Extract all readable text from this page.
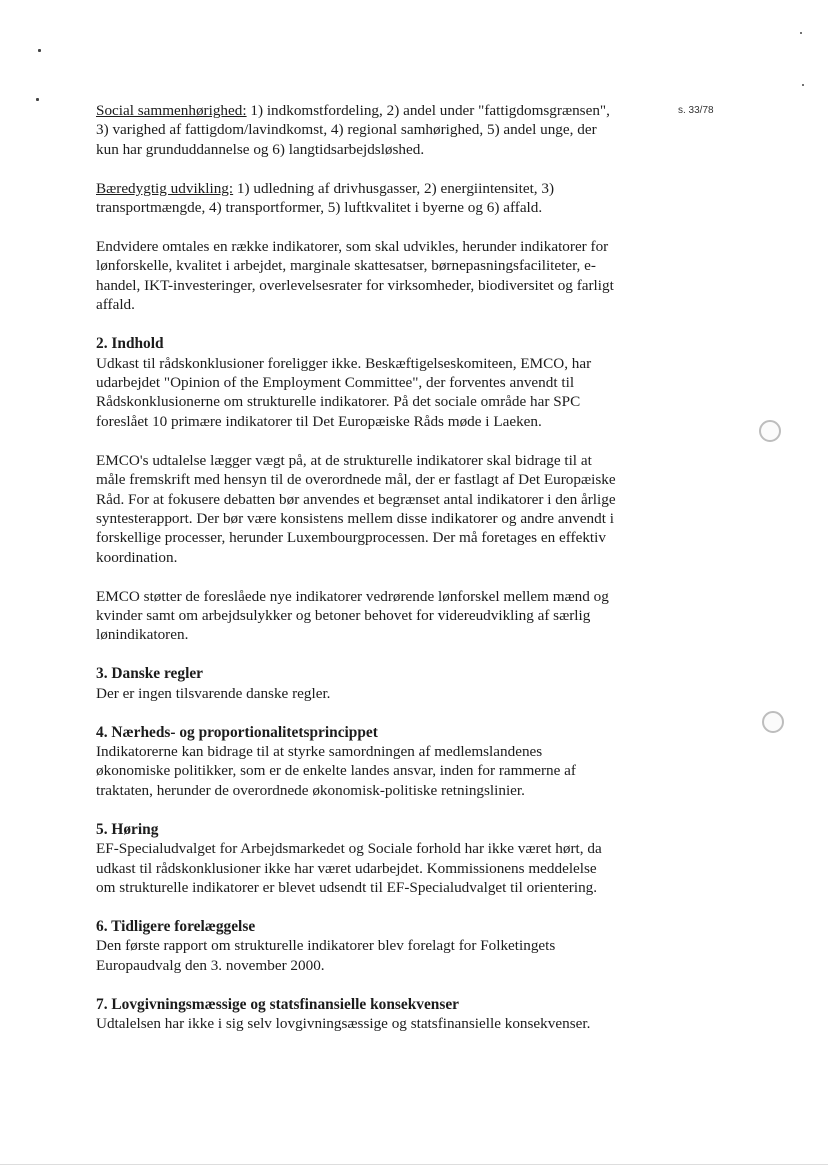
s. 33/78

Social sammenhørighed: 1) indkomstfordeling, 2) andel under "fattigdomsgrænsen", 3) varighed af fattigdom/lavindkomst, 4) regional samhørighed, 5) andel unge, der kun har grunduddannelse og 6) langtidsarbejdsløshed.

Bæredygtig udvikling: 1) udledning af drivhusgasser, 2) energiintensitet, 3) transportmængde, 4) transportformer, 5) luftkvalitet i byerne og 6) affald.

Endvidere omtales en række indikatorer, som skal udvikles, herunder indikatorer for lønforskelle, kvalitet i arbejdet, marginale skattesatser, børnepasningsfaciliteter, e-handel, IKT-investeringer, overlevelsesrater for virksomheder, biodiversitet og farligt affald.

2. Indhold

Udkast til rådskonklusioner foreligger ikke. Beskæftigelseskomiteen, EMCO, har udarbejdet "Opinion of the Employment Committee", der forventes anvendt til Rådskonklusionerne om strukturelle indikatorer. På det sociale område har SPC foreslået 10 primære indikatorer til Det Europæiske Råds møde i Laeken.

EMCO's udtalelse lægger vægt på, at de strukturelle indikatorer skal bidrage til at måle fremskrift med hensyn til de overordnede mål, der er fastlagt af Det Europæiske Råd. For at fokusere debatten bør anvendes et begrænset antal indikatorer i den årlige syntesterapport. Der bør være konsistens mellem disse indikatorer og andre anvendt i forskellige processer, herunder Luxembourgprocessen. Der må foretages en effektiv koordination.

EMCO støtter de foreslåede nye indikatorer vedrørende lønforskel mellem mænd og kvinder samt om arbejdsulykker og betoner behovet for videreudvikling af særlig lønindikatoren.

3. Danske regler

Der er ingen tilsvarende danske regler.

4. Nærheds- og proportionalitetsprincippet

Indikatorerne kan bidrage til at styrke samordningen af medlemslandenes økonomiske politikker, som er de enkelte landes ansvar, inden for rammerne af traktaten, herunder de overordnede økonomisk-politiske retningslinier.

5. Høring

EF-Specialudvalget for Arbejdsmarkedet og Sociale forhold har ikke været hørt, da udkast til rådskonklusioner ikke har været udarbejdet. Kommissionens meddelelse om strukturelle indikatorer er blevet udsendt til EF-Specialudvalget til orientering.

6. Tidligere forelæggelse

Den første rapport om strukturelle indikatorer blev forelagt for Folketingets Europaudvalg den 3. november 2000.

7. Lovgivningsmæssige og statsfinansielle konsekvenser

Udtalelsen har ikke i sig selv lovgivningsæssige og statsfinansielle konsekvenser.
